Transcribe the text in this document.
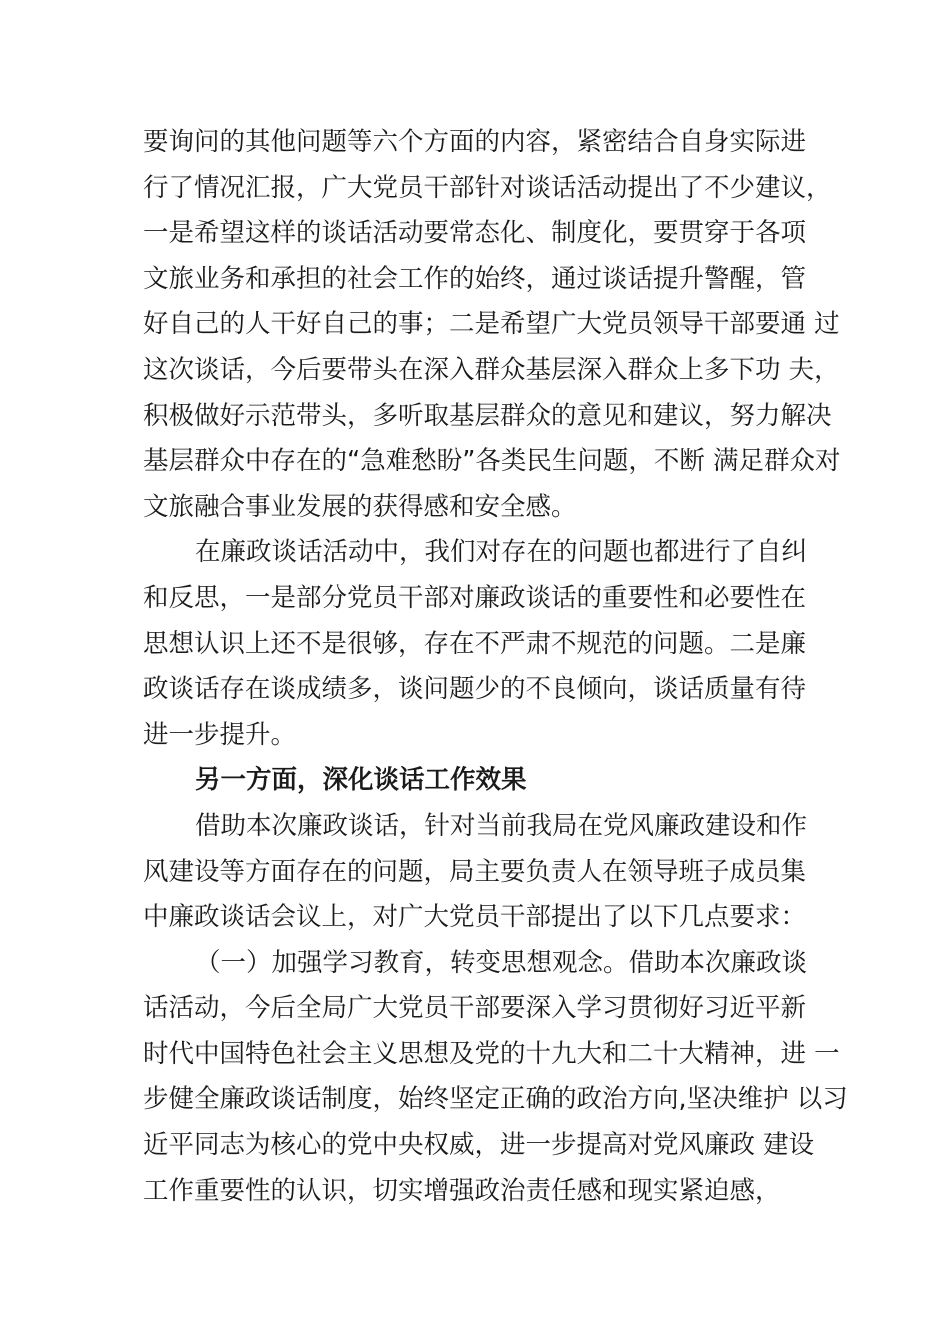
要询问的其他问题等六个方面的内容，紧密结合自身实际进
行了情况汇报，广大党员干部针对谈话活动提出了不少建议，
一是希望这样的谈话活动要常态化、制度化，要贯穿于各项
文旅业务和承担的社会工作的始终，通过谈话提升警醒，管
好自己的人干好自己的事；二是希望广大党员领导干部要通 过
这次谈话，今后要带头在深入群众基层深入群众上多下功 夫，
积极做好示范带头，多听取基层群众的意见和建议，努力解决
基层群众中存在的“急难愁盼”各类民生问题，不断 满足群众对
文旅融合事业发展的获得感和安全感。
在廉政谈话活动中，我们对存在的问题也都进行了自纠
和反思，一是部分党员干部对廉政谈话的重要性和必要性在
思想认识上还不是很够，存在不严肃不规范的问题。二是廉
政谈话存在谈成绩多，谈问题少的不良倾向，谈话质量有待
进一步提升。
另一方面，深化谈话工作效果
借助本次廉政谈话，针对当前我局在党风廉政建设和作
风建设等方面存在的问题，局主要负责人在领导班子成员集
中廉政谈话会议上，对广大党员干部提出了以下几点要求：
（一）加强学习教育，转变思想观念。借助本次廉政谈
话活动，今后全局广大党员干部要深入学习贯彻好习近平新
时代中国特色社会主义思想及党的十九大和二十大精神，进 一
步健全廉政谈话制度，始终坚定正确的政治方向,坚决维护 以习
近平同志为核心的党中央权威，进一步提高对党风廉政 建设
工作重要性的认识，切实增强政治责任感和现实紧迫感，
